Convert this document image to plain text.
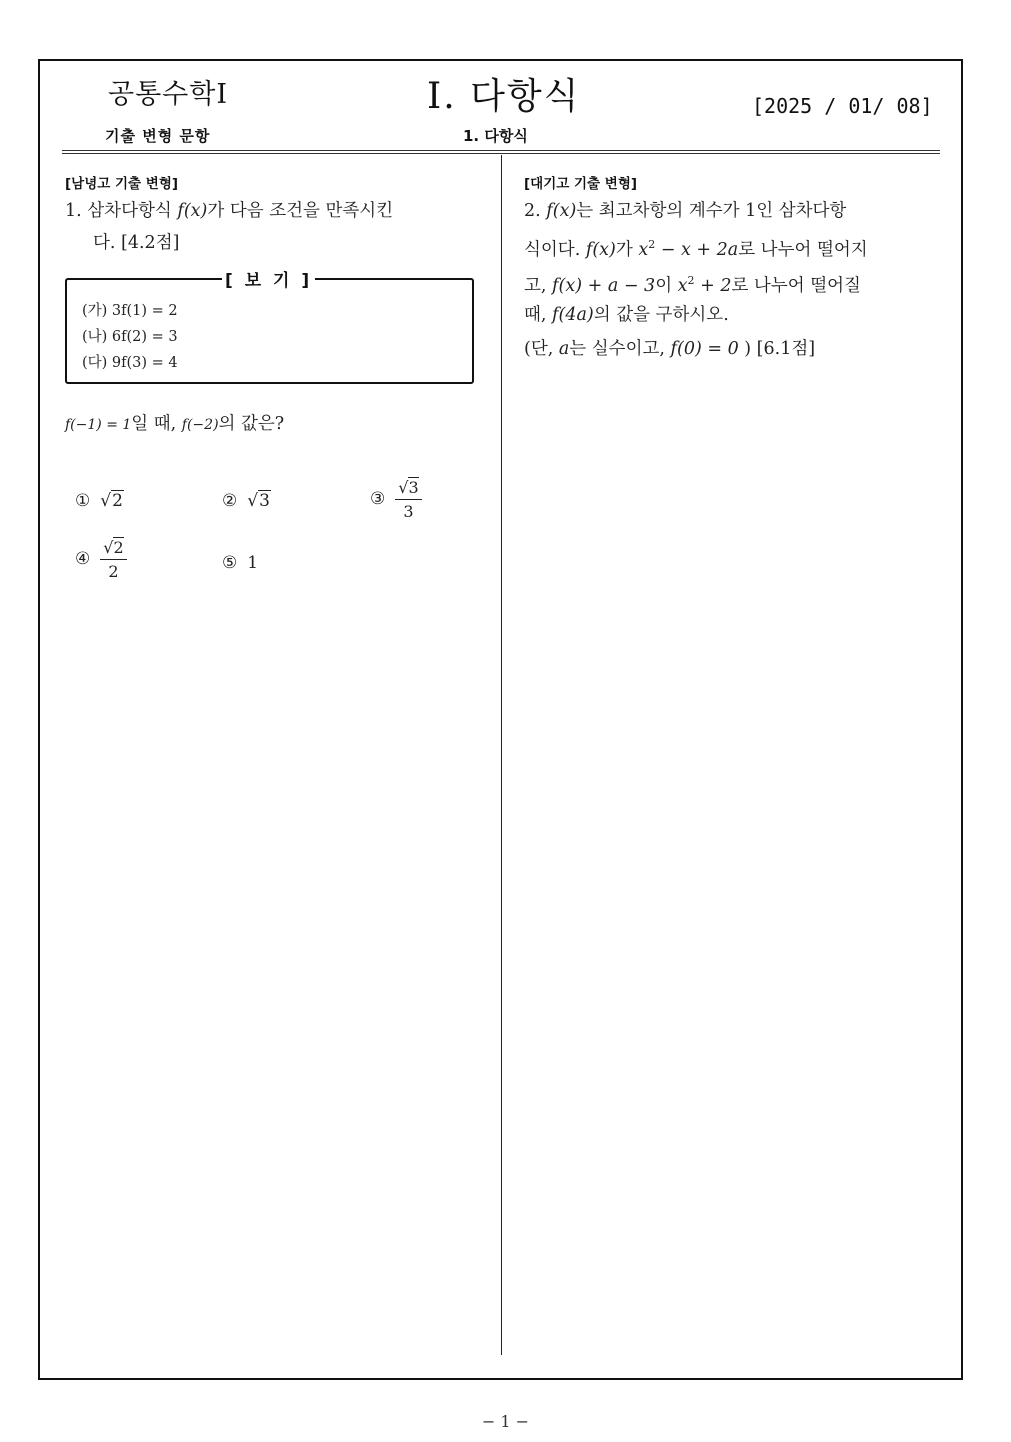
공통수학I	I. 다항식	[2025 / 01/ 08]
기출 변형 문항	1. 다항식
[남녕고 기출 변형]
1. 삼차다항식 f(x)가 다음 조건을 만족시킨
다. [4.2점]
[ 보 기 ]
(가) 3f(1) = 2
(나) 6f(2) = 3
(다) 9f(3) = 4
f(−1) = 1일 때, f(−2)의 값은?
① √2	② √3	③ $\frac{√3}{3}$
④ $\frac{√2}{2}$	⑤ 1
[대기고 기출 변형]
2. f(x)는 최고차항의 계수가 1인 삼차다항
식이다. f(x)가 $x^2 - x + 2a$로 나누어 떨어지
고, f(x) + a − 3이 $x^2 + 2$로 나누어 떨어질
때, f(4a)의 값을 구하시오.
(단, a는 실수이고, f(0) = 0 ) [6.1점]
− 1 −
